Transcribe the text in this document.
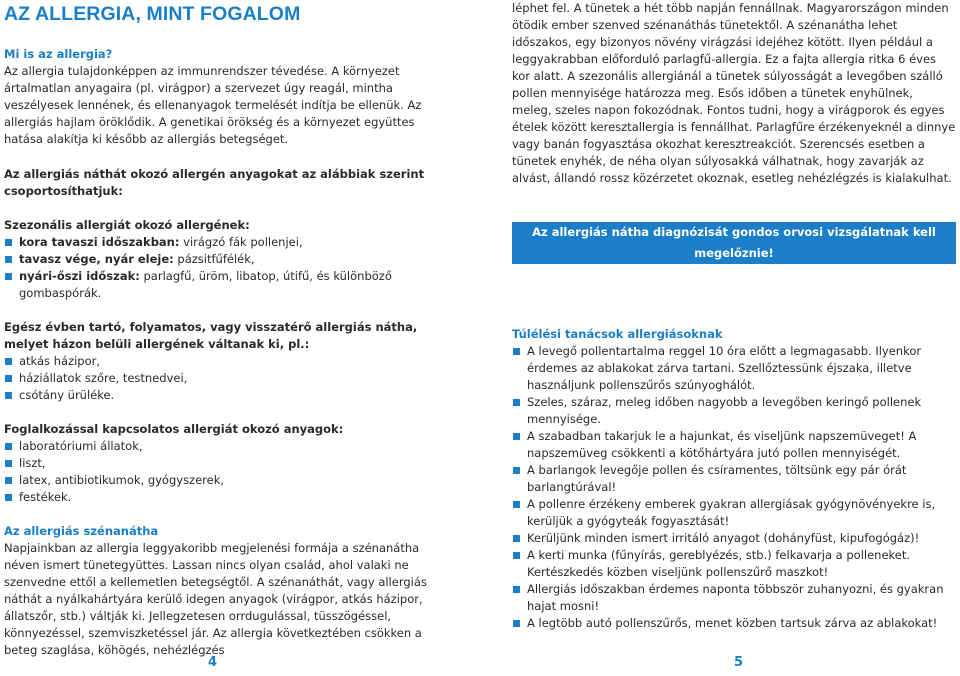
AZ ALLERGIA, MINT FOGALOM
Mi is az allergia?

Az allergia tulajdonképpen az immunrendszer tévedése. A környezet ártalmatlan anyagaira (pl. virágpor) a szervezet úgy reagál, mintha veszélyesek lennének, és ellenanyagok termelését indítja be ellenük. Az allergiás hajlam öröklődik. A genetikai örökség és a környezet együttes hatása alakítja ki később az allergiás betegséget.

Az allergiás náthát okozó allergén anyagokat az alábbiak szerint csoportosíthatjuk:

Szezonális allergiát okozó allergének:

kora tavaszi időszakban: virágzó fák pollenjei,
tavasz vége, nyár eleje: pázsitfűfélék,
nyári-őszi időszak: parlagfű, üröm, libatop, útifű, és különböző gombaspórák.

Egész évben tartó, folyamatos, vagy visszatérő allergiás nátha, melyet házon belüli allergének váltanak ki, pl.:

atkás házipor,
háziállatok szőre, testnedvei,
csótány ürüléke.

Foglalkozással kapcsolatos allergiát okozó anyagok:

laboratóriumi állatok,
liszt,
latex, antibiotikumok, gyógyszerek,
festékek.
Az allergiás szénanátha

Napjainkban az allergia leggyakoribb megjelenési formája a szénanátha néven ismert tünetegyüttes. Lassan nincs olyan család, ahol valaki ne szenvedne ettől a kellemetlen betegségtől. A szénanáthát, vagy allergiás náthát a nyálkahártyára kerülő idegen anyagok (virágpor, atkás házipor, állatszőr, stb.) váltják ki. Jellegzetesen orrdugulással, tüsszögéssel, könnyezéssel, szemviszketéssel jár. Az allergia következtében csökken a beteg szaglása, köhögés, nehézlégzés

4

léphet fel. A tünetek a hét több napján fennállnak. Magyarországon minden ötödik ember szenved szénanáthás tünetektől. A szénanátha lehet időszakos, egy bizonyos növény virágzási idejéhez kötött. Ilyen például a leggyakrabban előforduló parlagfű-allergia. Ez a fajta allergia ritka 6 éves kor alatt. A szezonális allergiánál a tünetek súlyosságát a levegőben szálló pollen mennyisége határozza meg. Esős időben a tünetek enyhülnek, meleg, szeles napon fokozódnak. Fontos tudni, hogy a virágporok és egyes ételek között keresztallergia is fennállhat. Parlagfűre érzékenyeknél a dinnye vagy banán fogyasztása okozhat keresztreakciót. Szerencsés esetben a tünetek enyhék, de néha olyan súlyosakká válhatnak, hogy zavarják az alvást, állandó rossz közérzetet okoznak, esetleg nehézlégzés is kialakulhat.

Az allergiás nátha diagnózisát gondos orvosi vizsgálatnak kell megelőznie!

Túlélési tanácsok allergiásoknak
A levegő pollentartalma reggel 10 óra előtt a legmagasabb. Ilyenkor érdemes az ablakokat zárva tartani. Szellőztessünk éjszaka, illetve használjunk pollenszűrős szúnyoghálót.
Szeles, száraz, meleg időben nagyobb a levegőben keringő pollenek mennyisége.
A szabadban takarjuk le a hajunkat, és viseljünk napszemüveget! A napszemüveg csökkenti a kötőhártyára jutó pollen mennyiségét.
A barlangok levegője pollen és csíramentes, töltsünk egy pár órát barlangtúrával!
A pollenre érzékeny emberek gyakran allergiásak gyógynövényekre is, kerüljük a gyógyteák fogyasztását!
Kerüljünk minden ismert irritáló anyagot (dohányfüst, kipufogógáz)!
A kerti munka (fűnyírás, gereblyézés, stb.) felkavarja a polleneket. Kertészkedés közben viseljünk pollenszűrő maszkot!
Allergiás időszakban érdemes naponta többször zuhanyozni, és gyakran hajat mosni!
A legtöbb autó pollenszűrős, menet közben tartsuk zárva az ablakokat!
5
